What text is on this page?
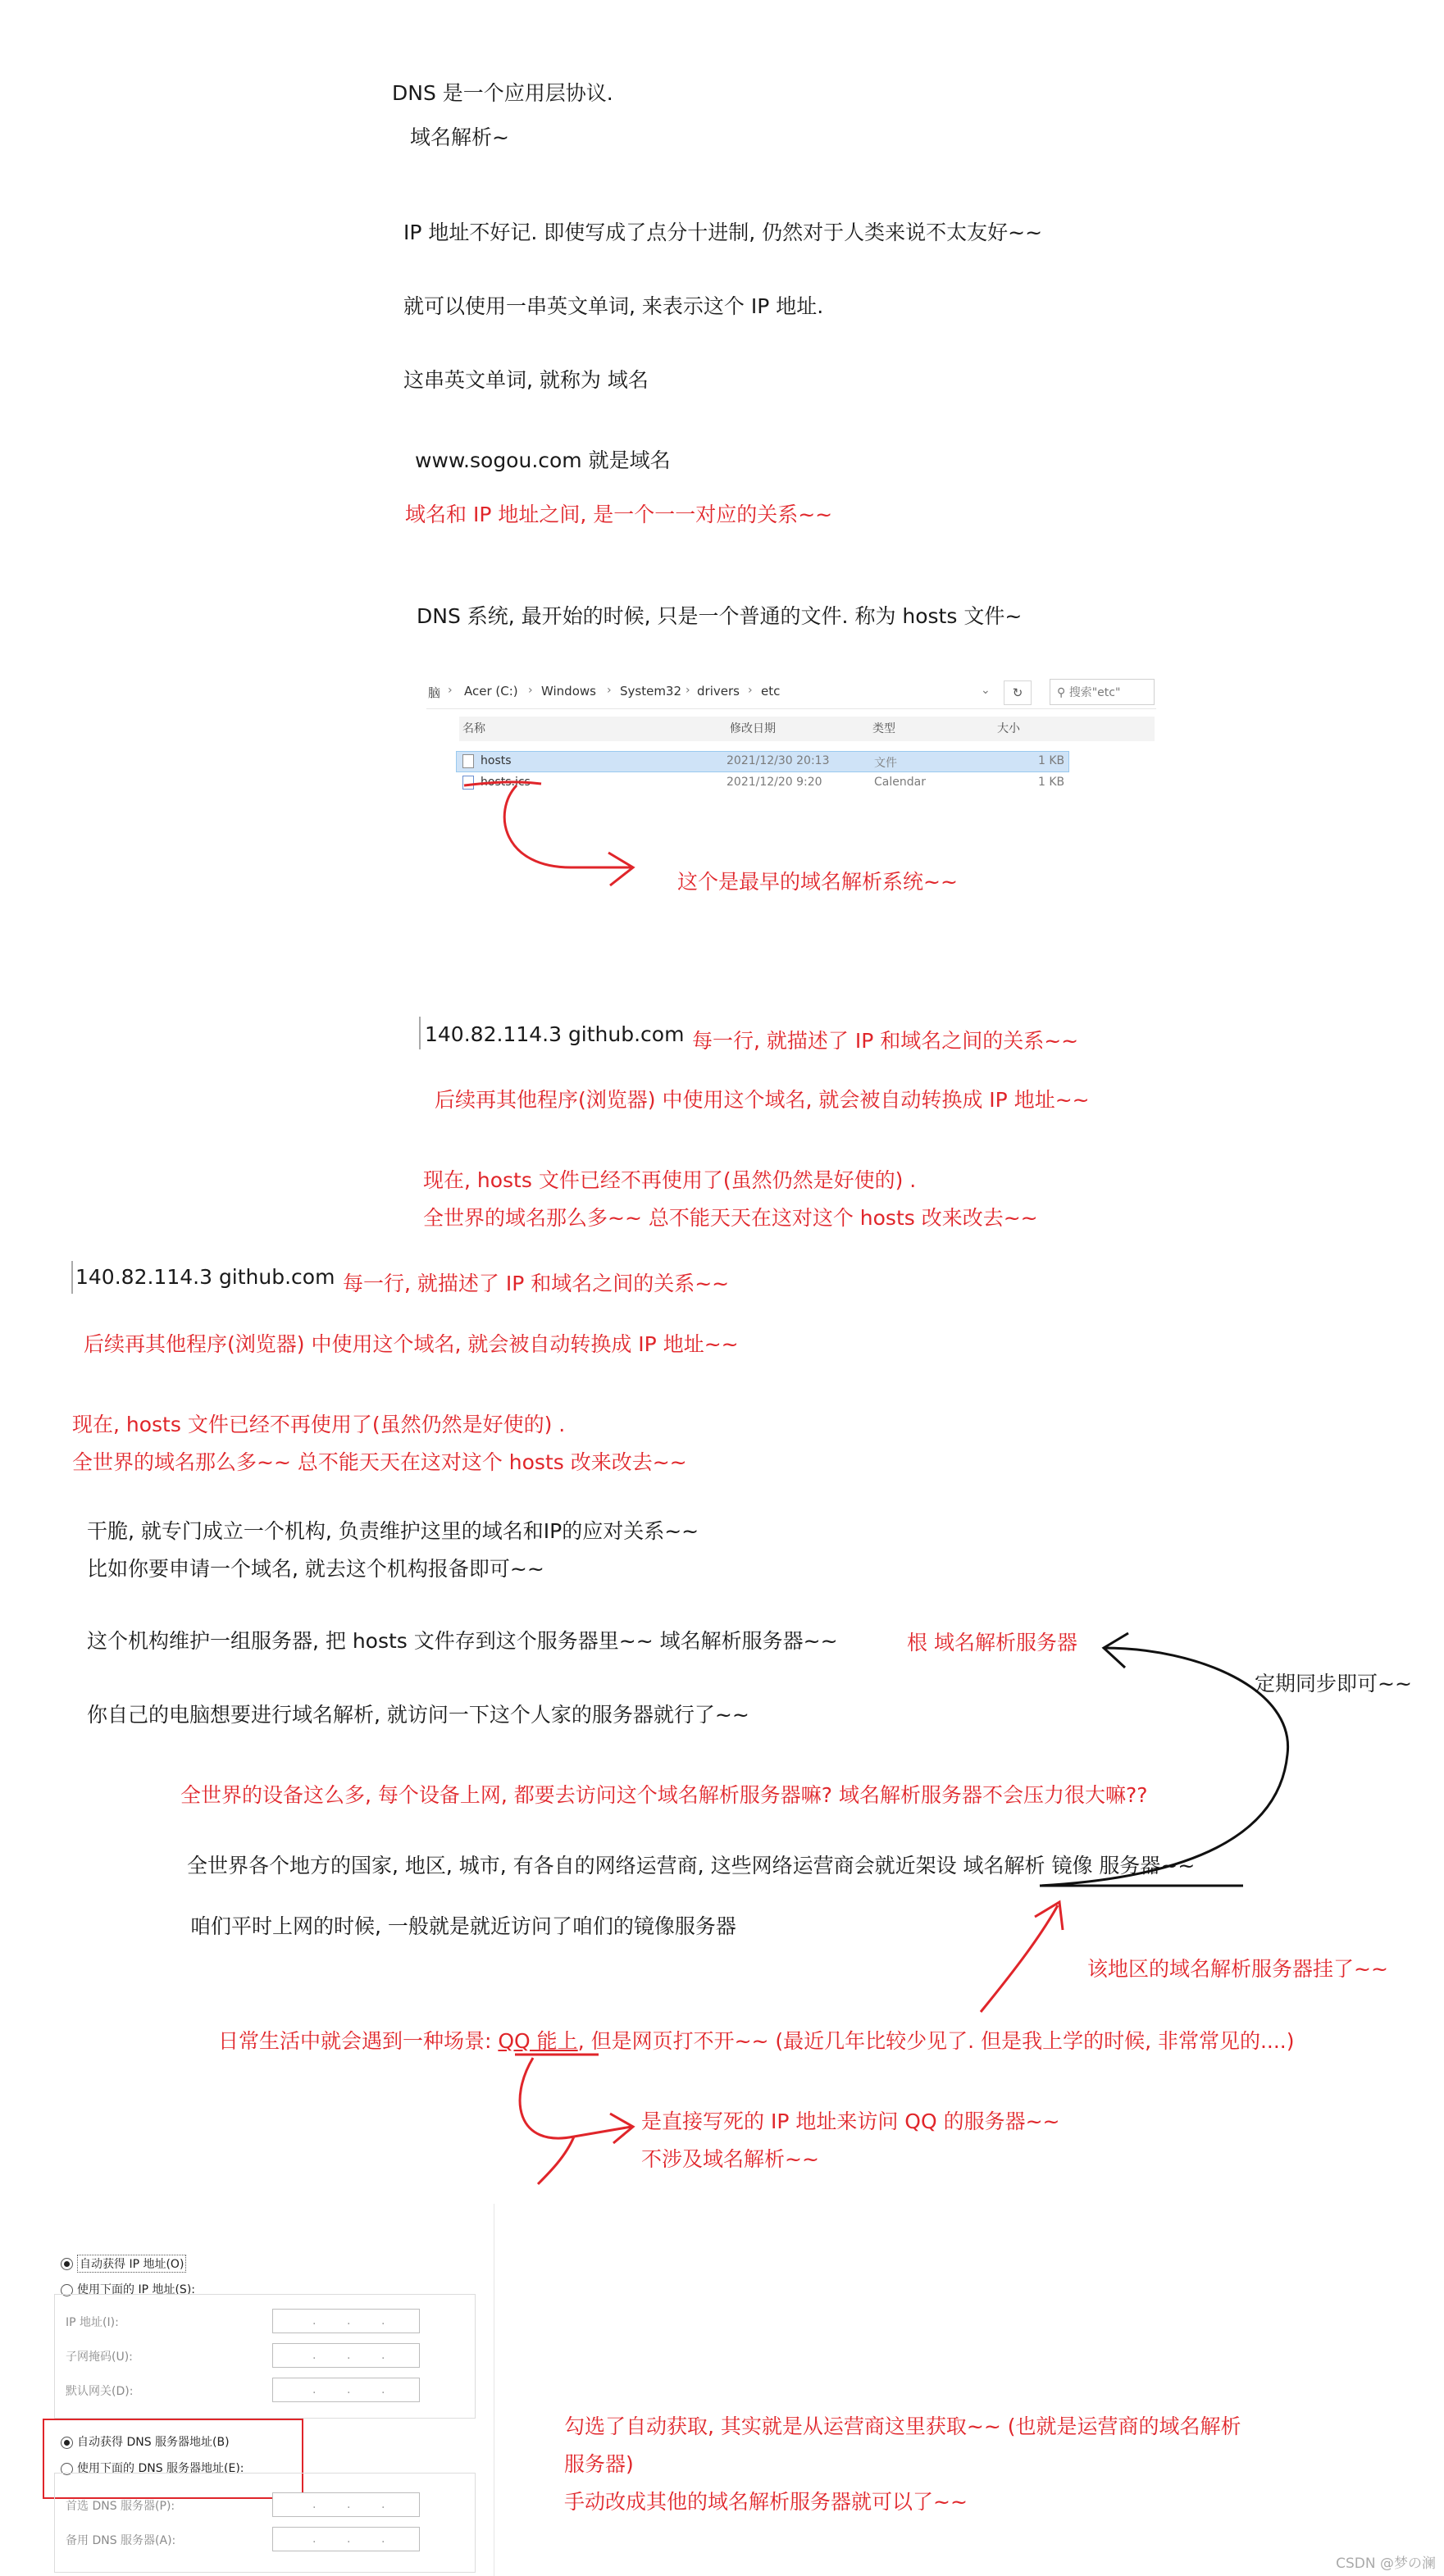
DNS 是一个应用层协议.
域名解析~
IP 地址不好记. 即使写成了点分十进制, 仍然对于人类来说不太友好~~
就可以使用一串英文单词, 来表示这个 IP 地址.
这串英文单词, 就称为 域名
www.sogou.com 就是域名
域名和 IP 地址之间, 是一个一一对应的关系~~
DNS 系统, 最开始的时候, 只是一个普通的文件. 称为 hosts 文件~
脑 › Acer (C:) › Windows › System32 › drivers › etc	⌄	↻	⚲ 搜索"etc"
名称	修改日期	类型	大小
hosts	2021/12/30 20:13	文件	1 KB
hosts.ics	2021/12/20 9:20	Calendar	1 KB
这个是最早的域名解析系统~~
140.82.114.3 github.com 每一行, 就描述了 IP 和域名之间的关系~~
后续再其他程序(浏览器) 中使用这个域名, 就会被自动转换成 IP 地址~~
现在, hosts 文件已经不再使用了(虽然仍然是好使的) .
全世界的域名那么多~~ 总不能天天在这对这个 hosts 改来改去~~
140.82.114.3 github.com 每一行, 就描述了 IP 和域名之间的关系~~
后续再其他程序(浏览器) 中使用这个域名, 就会被自动转换成 IP 地址~~
现在, hosts 文件已经不再使用了(虽然仍然是好使的) .
全世界的域名那么多~~ 总不能天天在这对这个 hosts 改来改去~~
干脆, 就专门成立一个机构, 负责维护这里的域名和IP的应对关系~~
比如你要申请一个域名, 就去这个机构报备即可~~
这个机构维护一组服务器, 把 hosts 文件存到这个服务器里~~ 域名解析服务器~~	根 域名解析服务器
定期同步即可~~
你自己的电脑想要进行域名解析, 就访问一下这个人家的服务器就行了~~
全世界的设备这么多, 每个设备上网, 都要去访问这个域名解析服务器嘛? 域名解析服务器不会压力很大嘛??
全世界各个地方的国家, 地区, 城市, 有各自的网络运营商, 这些网络运营商会就近架设 域名解析 镜像 服务器~~
咱们平时上网的时候, 一般就是就近访问了咱们的镜像服务器
该地区的域名解析服务器挂了~~
日常生活中就会遇到一种场景: QQ 能上, 但是网页打不开~~ (最近几年比较少见了. 但是我上学的时候, 非常常见的....)
是直接写死的 IP 地址来访问 QQ 的服务器~~
不涉及域名解析~~
自动获得 IP 地址(O)
使用下面的 IP 地址(S):
IP 地址(I):	.	.	.
子网掩码(U):	.	.	.
默认网关(D):	.	.	.
自动获得 DNS 服务器地址(B)
使用下面的 DNS 服务器地址(E):
首选 DNS 服务器(P):	.	.	.
备用 DNS 服务器(A):	.	.	.
勾选了自动获取, 其实就是从运营商这里获取~~ (也就是运营商的域名解析
服务器)
手动改成其他的域名解析服务器就可以了~~
CSDN @梦の澜
